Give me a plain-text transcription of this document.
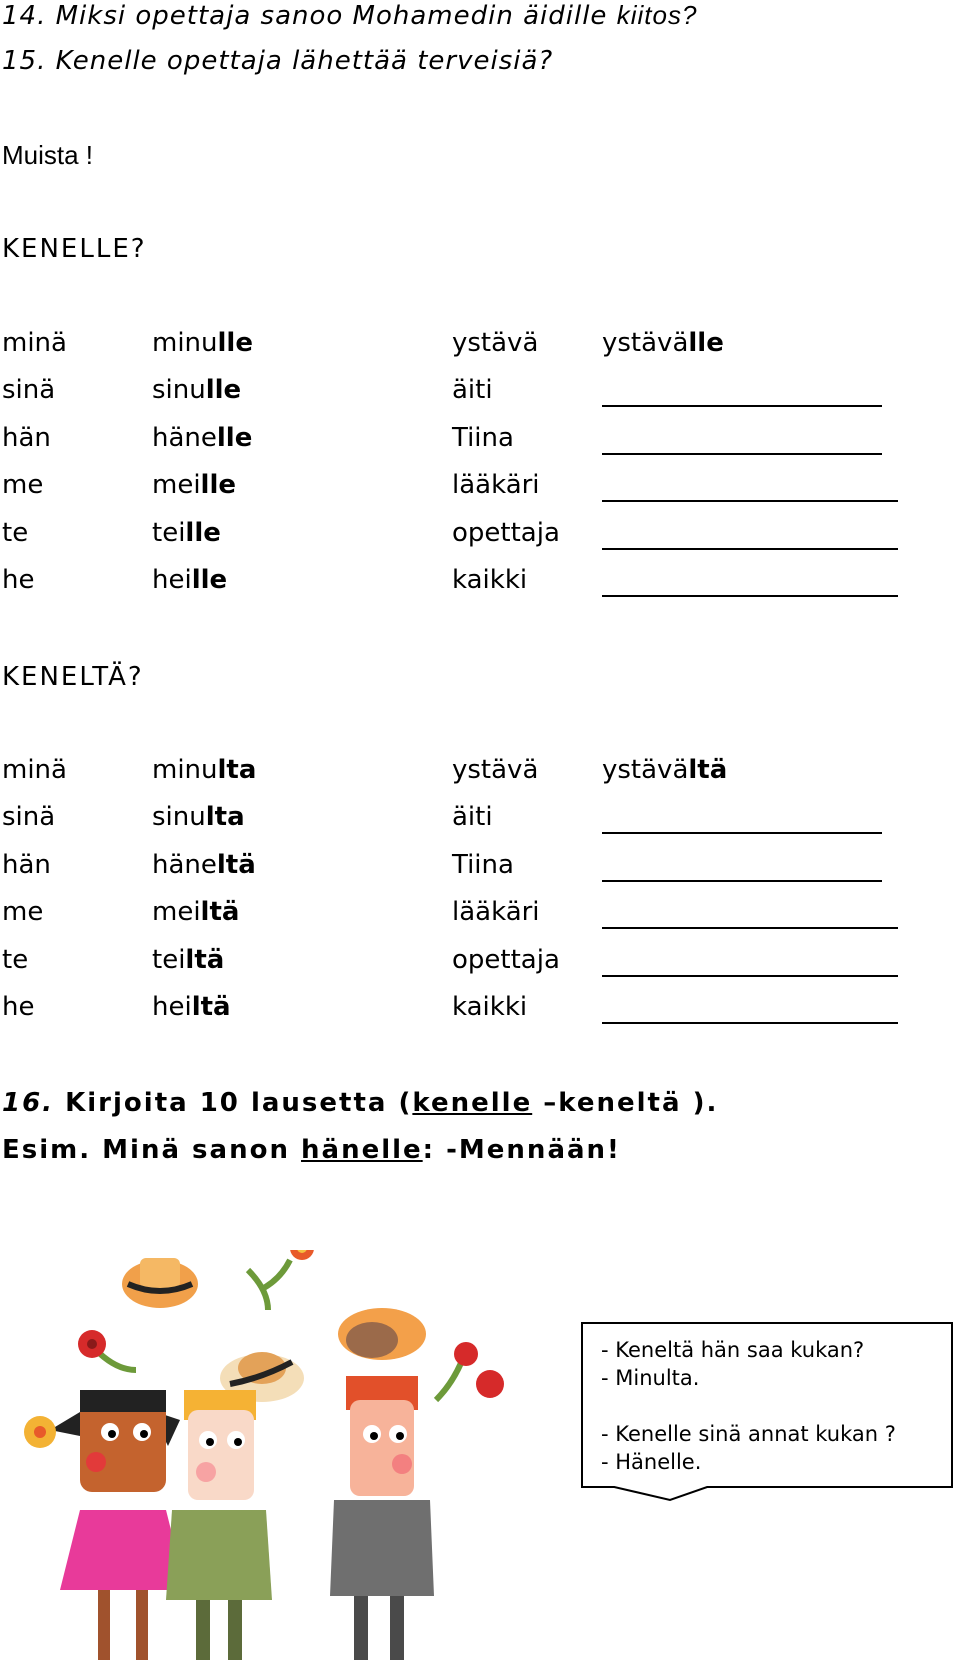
14. Miksi opettaja sanoo Mohamedin äidille kiitos?
15. Kenelle opettaja lähettää terveisiä?
Muista !
KENELLE?
minä	minulle	ystävä ystävälle
sinä	sinulle	äiti
hän	hänelle	Tiina
me	meille	lääkäri
te	teille	opettaja
he	heille	kaikki
KENELTÄ?
minä	minulta	ystävä ystävältä
sinä	sinulta	äiti
hän	häneltä	Tiina
me	meiltä	lääkäri
te	teiltä	opettaja
he	heiltä	kaikki
16. Kirjoita 10 lausetta (kenelle –keneltä ).
Esim. Minä sanon hänelle: -Mennään!
- Keneltä hän saa kukan?
- Minulta.
- Kenelle sinä annat kukan ?
- Hänelle.
